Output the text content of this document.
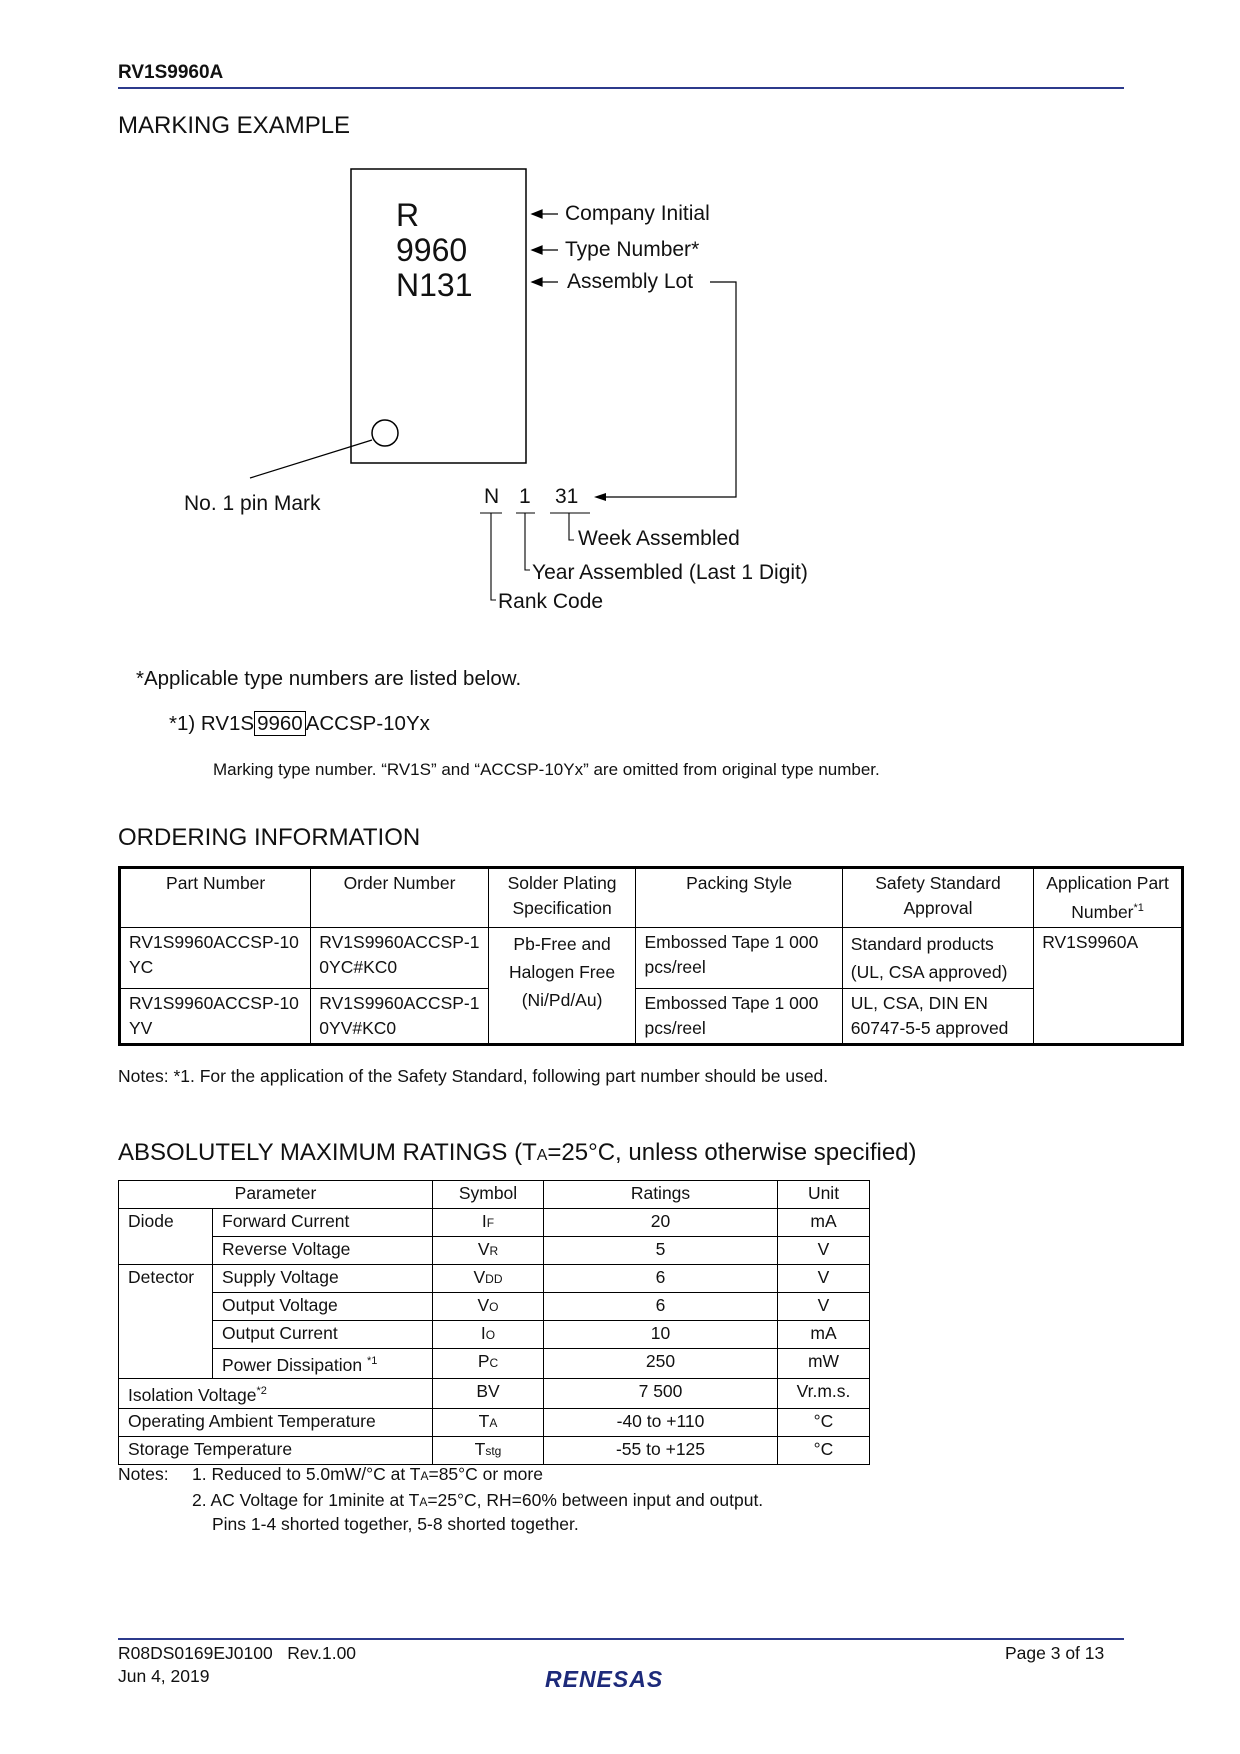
RV1S9960A
MARKING EXAMPLE
R
9960
N131
Company Initial
Type Number*
Assembly Lot
No. 1 pin Mark	N 1 31
Week Assembled
Year Assembled (Last 1 Digit)
Rank Code
*Applicable type numbers are listed below.
*1) RV1S 9960 ACCSP-10Yx
Marking type number. “RV1S” and “ACCSP-10Yx” are omitted from original type number.
ORDERING INFORMATION
Part Number	Order Number	Solder Plating Specification	Packing Style	Safety Standard Approval	Application Part Number$^{*1}$
RV1S9960ACCSP-10YC	RV1S9960ACCSP-10YC#KC0	Pb-Free and Halogen Free (Ni/Pd/Au)	Embossed Tape 1 000 pcs/reel	Standard products (UL, CSA approved)	RV1S9960A
RV1S9960ACCSP-10YV	RV1S9960ACCSP-10YV#KC0		Embossed Tape 1 000 pcs/reel	UL, CSA, DIN EN 60747-5-5 approved	
Notes: *1. For the application of the Safety Standard, following part number should be used.
ABSOLUTELY MAXIMUM RATINGS (TA=25°C, unless otherwise specified)
Parameter		Symbol	Ratings	Unit
Diode	Forward Current	IF	20	mA
	Reverse Voltage	VR	5	V
Detector	Supply Voltage	VDD	6	V
	Output Voltage	VO	6	V
	Output Current	IO	10	mA
	Power Dissipation $^{*1}$	PC	250	mW
Isolation Voltage$^{*2}$		BV	7 500	Vr.m.s.
Operating Ambient Temperature		TA	-40 to +110	°C
Storage Temperature		Tstg	-55 to +125	°C
Notes: 1. Reduced to 5.0mW/°C at TA=85°C or more
2. AC Voltage for 1minite at TA=25°C, RH=60% between input and output.
Pins 1-4 shorted together, 5-8 shorted together.
R08DS0169EJ0100 Rev.1.00
Jun 4, 2019
Page 3 of 13
RENESAS
